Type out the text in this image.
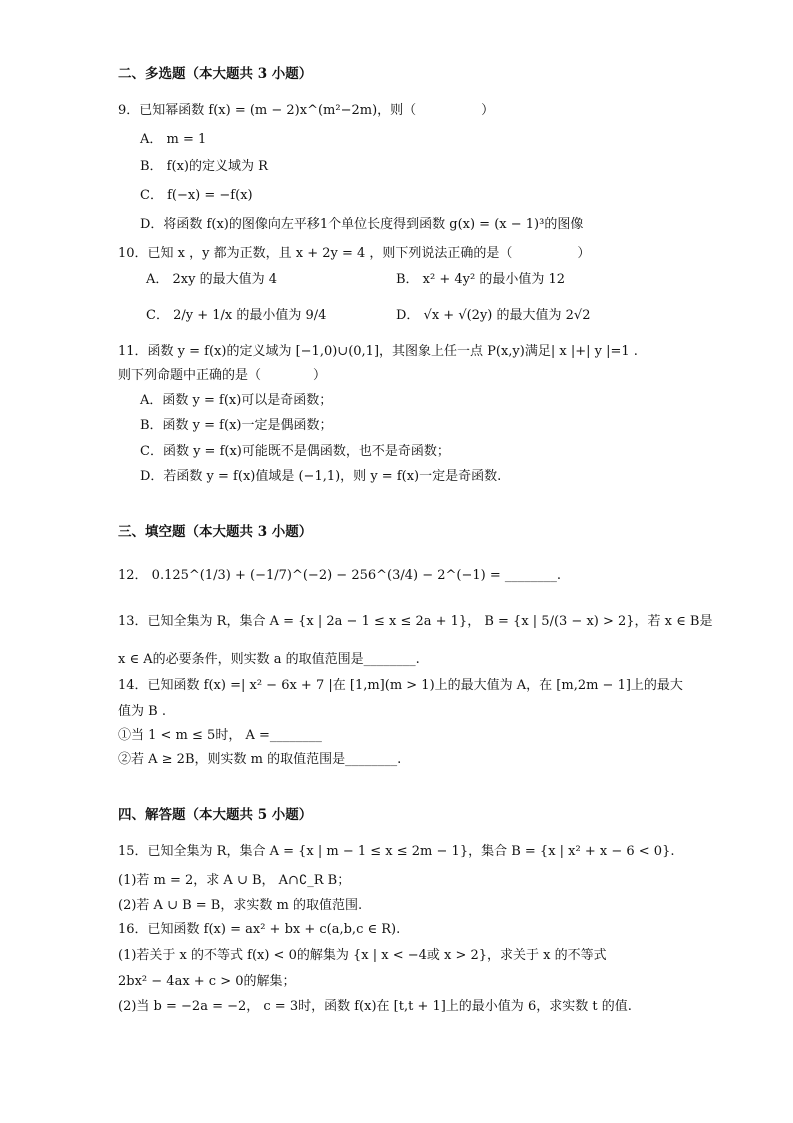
二、多选题（本大题共 3 小题）
9．已知幂函数 f(x) = (m − 2)x^(m²−2m)，则（　　　　　）
A． m = 1
B． f(x)的定义域为 R
C． f(−x) = −f(x)
D．将函数 f(x)的图像向左平移1个单位长度得到函数 g(x) = (x − 1)³的图像
10．已知 x ，y 都为正数，且 x + 2y = 4 ，则下列说法正确的是（　　　　　）
A． 2xy 的最大值为 4	B． x² + 4y² 的最小值为 12
C． 2/y + 1/x 的最小值为 9/4	D． √x + √(2y) 的最大值为 2√2
11．函数 y = f(x)的定义域为 [−1,0)∪(0,1]，其图象上任一点 P(x,y)满足| x |+| y |=1 .
则下列命题中正确的是（　　　　）
A．函数 y = f(x)可以是奇函数；
B．函数 y = f(x)一定是偶函数；
C．函数 y = f(x)可能既不是偶函数，也不是奇函数；
D．若函数 y = f(x)值域是 (−1,1)，则 y = f(x)一定是奇函数.
三、填空题（本大题共 3 小题）
12． 0.125^(1/3) + (−1/7)^(−2) − 256^(3/4) − 2^(−1) = ________.
13．已知全集为 R，集合 A = {x | 2a − 1 ≤ x ≤ 2a + 1}， B = {x | 5/(3 − x) > 2}，若 x ∈ B是
x ∈ A的必要条件，则实数 a 的取值范围是________.
14．已知函数 f(x) =| x² − 6x + 7 |在 [1,m](m > 1)上的最大值为 A，在 [m,2m − 1]上的最大
值为 B .
①当 1 < m ≤ 5时， A =________
②若 A ≥ 2B，则实数 m 的取值范围是________.
四、解答题（本大题共 5 小题）
15．已知全集为 R，集合 A = {x | m − 1 ≤ x ≤ 2m − 1}，集合 B = {x | x² + x − 6 < 0}.
(1)若 m = 2，求 A ∪ B， A∩∁_R B；
(2)若 A ∪ B = B，求实数 m 的取值范围.
16．已知函数 f(x) = ax² + bx + c(a,b,c ∈ R).
(1)若关于 x 的不等式 f(x) < 0的解集为 {x | x < −4或 x > 2}，求关于 x 的不等式
2bx² − 4ax + c > 0的解集；
(2)当 b = −2a = −2， c = 3时，函数 f(x)在 [t,t + 1]上的最小值为 6，求实数 t 的值.
